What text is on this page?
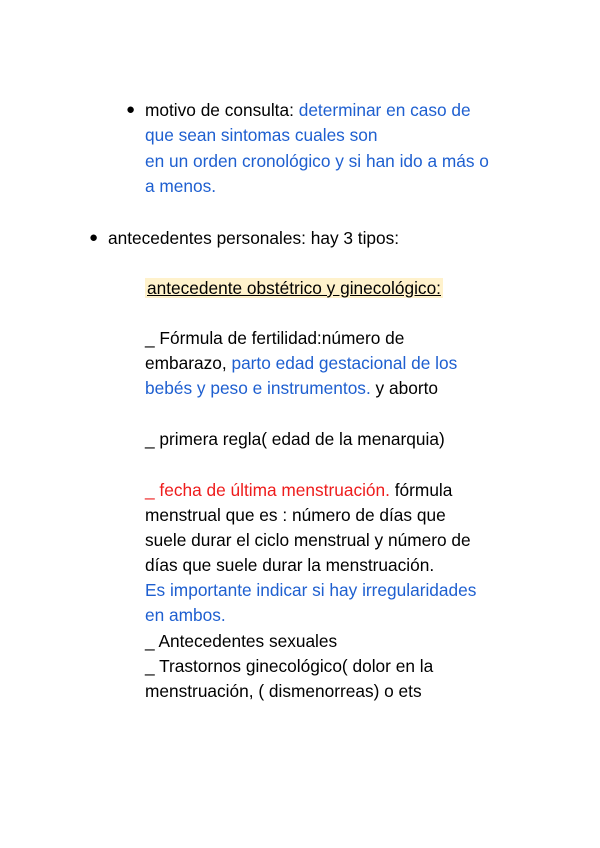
● motivo de consulta: determinar en caso de
que sean sintomas cuales son
en un orden cronológico y si han ido a más o
a menos.
● antecedentes personales: hay 3 tipos:
antecedente obstétrico y ginecológico:
_ Fórmula de fertilidad:número de
embarazo, parto edad gestacional de los
bebés y peso e instrumentos. y aborto
_ primera regla( edad de la menarquia)
_ fecha de última menstruación. fórmula
menstrual que es : número de días que
suele durar el ciclo menstrual y número de
días que suele durar la menstruación.
Es importante indicar si hay irregularidades
en ambos.
_ Antecedentes sexuales
_ Trastornos ginecológico( dolor en la
menstruación, ( dismenorreas) o ets
